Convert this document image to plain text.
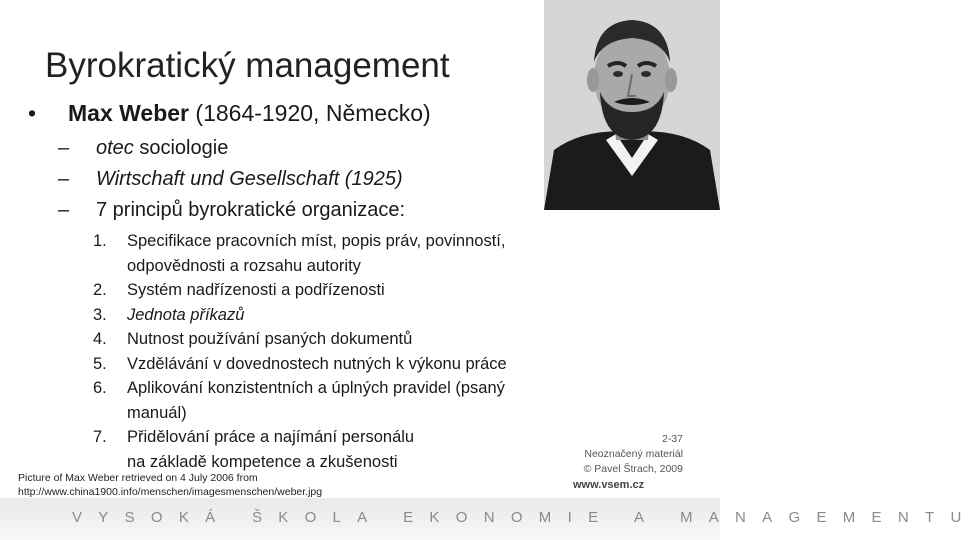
Byrokratický management
• Max Weber (1864-1920, Německo)
– otec sociologie
– Wirtschaft und Gesellschaft (1925)
– 7 principů byrokratické organizace:
1.	Specifikace pracovních míst, popis práv, povinností,
odpovědnosti a rozsahu autority
2.	Systém nadřízenosti a podřízenosti
3.	Jednota příkazů
4.	Nutnost používání psaných dokumentů
5.	Vzdělávání v dovednostech nutných k výkonu práce
6.	Aplikování konzistentních a úplných pravidel (psaný
manuál)
7.	Přidělování práce a najímání personálu
na základě kompetence a zkušenosti
Picture of Max Weber retrieved on 4 July 2006 from
http://www.china1900.info/menschen/imagesmenschen/weber.jpg
2-37
Neoznačený materiál
© Pavel Štrach, 2009
www.vsem.cz
VYSOKÁ ŠKOLA EKONOMIE A MANAGEMENTU
